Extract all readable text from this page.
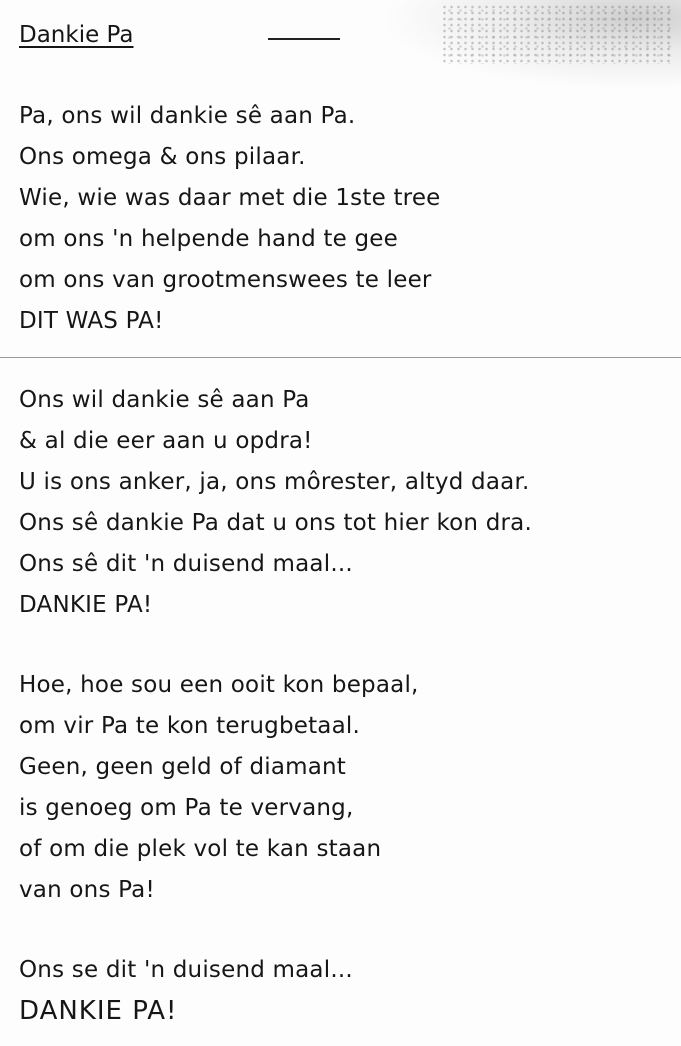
Dankie Pa
Pa, ons wil dankie sê aan Pa.
Ons omega & ons pilaar.
Wie, wie was daar met die 1ste tree
om ons 'n helpende hand te gee
om ons van grootmenswees te leer
DIT WAS PA!
Ons wil dankie sê aan Pa
& al die eer aan u opdra!
U is ons anker, ja, ons môrester, altyd daar.
Ons sê dankie Pa dat u ons tot hier kon dra.
Ons sê dit 'n duisend maal...
DANKIE PA!
Hoe, hoe sou een ooit kon bepaal,
om vir Pa te kon terugbetaal.
Geen, geen geld of diamant
is genoeg om Pa te vervang,
of om die plek vol te kan staan
van ons Pa!
Ons se dit 'n duisend maal...
DANKIE PA!
